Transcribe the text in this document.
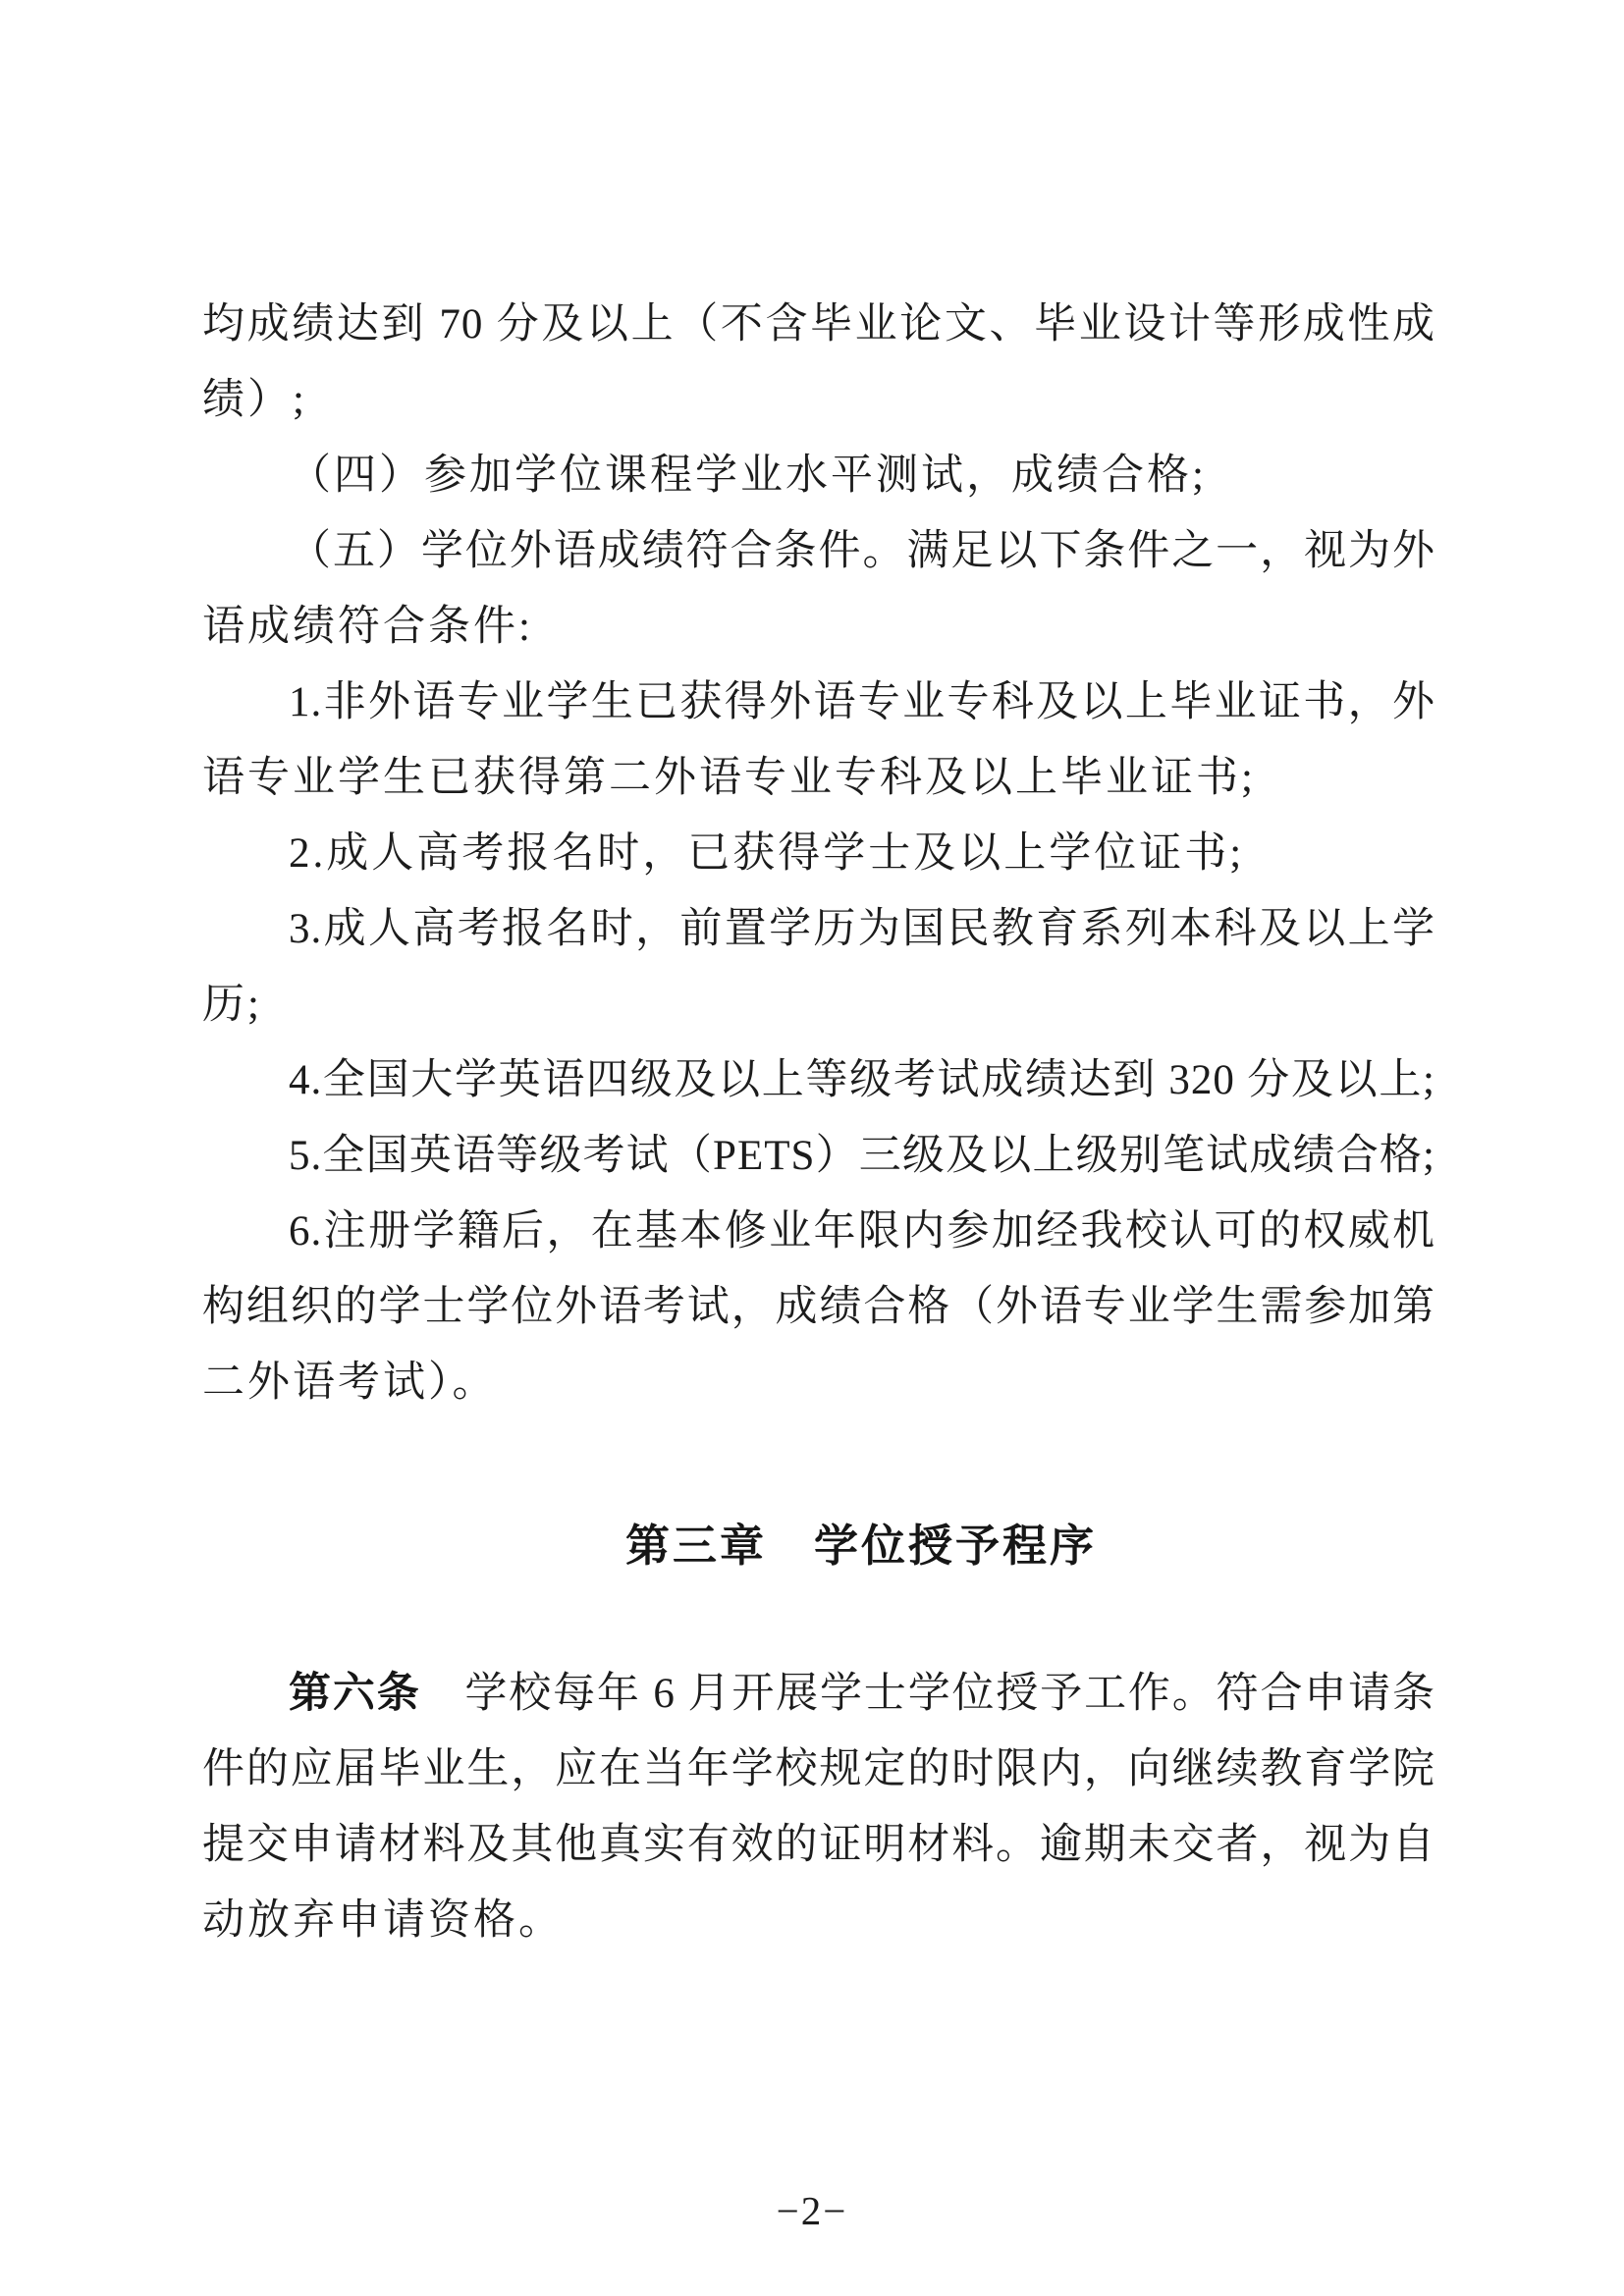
均成绩达到 70 分及以上（不含毕业论文、毕业设计等形成性成
绩）;
（四）参加学位课程学业水平测试，成绩合格;
（五）学位外语成绩符合条件。满足以下条件之一，视为外
语成绩符合条件:
1.非外语专业学生已获得外语专业专科及以上毕业证书，外
语专业学生已获得第二外语专业专科及以上毕业证书;
2.成人高考报名时，已获得学士及以上学位证书;
3.成人高考报名时，前置学历为国民教育系列本科及以上学
历;
4.全国大学英语四级及以上等级考试成绩达到 320 分及以上;
5.全国英语等级考试（PETS）三级及以上级别笔试成绩合格;
6.注册学籍后，在基本修业年限内参加经我校认可的权威机
构组织的学士学位外语考试，成绩合格（外语专业学生需参加第
二外语考试）。
第三章　学位授予程序
第六条　学校每年 6 月开展学士学位授予工作。符合申请条
件的应届毕业生，应在当年学校规定的时限内，向继续教育学院
提交申请材料及其他真实有效的证明材料。逾期未交者，视为自
动放弃申请资格。
−2−
